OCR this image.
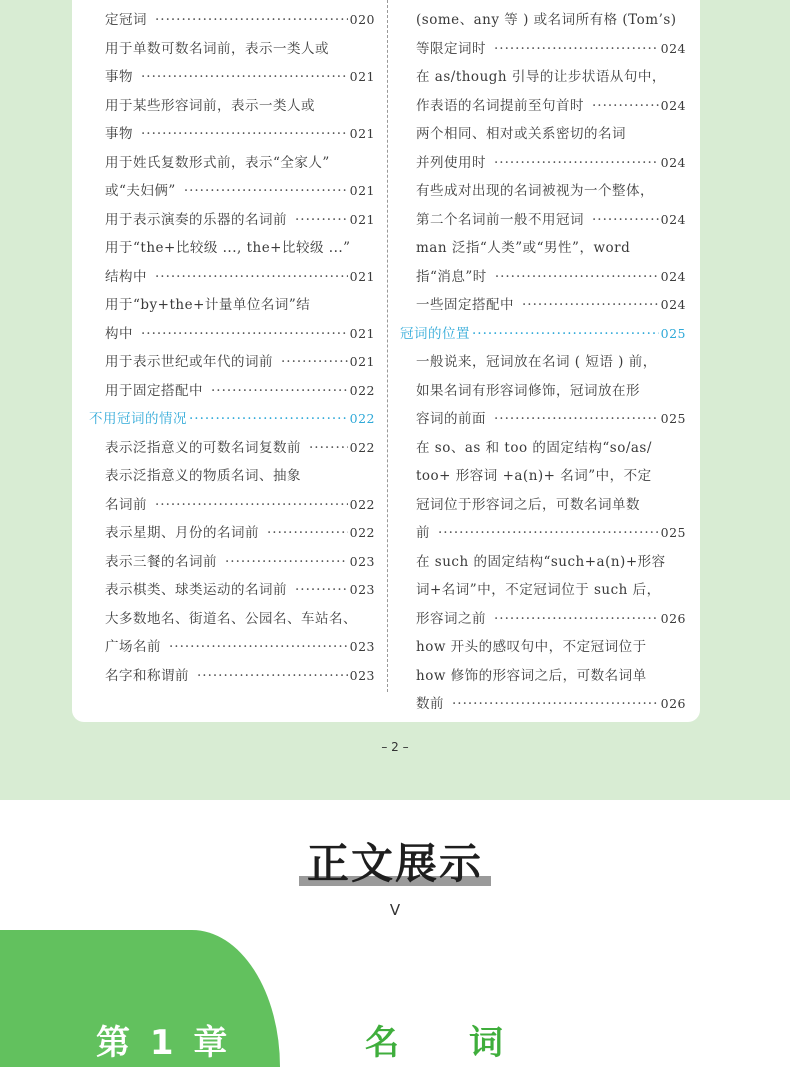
定冠词 ·····	020
用于单数可数名词前，表示一类人或
事物 ·····	021
用于某些形容词前，表示一类人或
事物 ·····	021
用于姓氏复数形式前，表示“全家人”
或“夫妇俩” ·····	021
用于表示演奏的乐器的名词前 ·····	021
用于“the+比较级 ..., the+比较级 ...”
结构中 ·····	021
用于“by+the+计量单位名词”结
构中 ·····	021
用于表示世纪或年代的词前 ·····	021
用于固定搭配中 ·····	022
不用冠词的情况 ·····	022
表示泛指意义的可数名词复数前 ·····	022
表示泛指意义的物质名词、抽象
名词前 ·····	022
表示星期、月份的名词前 ·····	022
表示三餐的名词前 ·····	023
表示棋类、球类运动的名词前 ·····	023
大多数地名、街道名、公园名、车站名、
广场名前 ·····	023
名字和称谓前 ·····	023
(some、any 等 ) 或名词所有格 (Tom’s)
等限定词时 ·····	024
在 as/though 引导的让步状语从句中，
作表语的名词提前至句首时 ·····	024
两个相同、相对或关系密切的名词
并列使用时 ·····	024
有些成对出现的名词被视为一个整体，
第二个名词前一般不用冠词 ·····	024
man 泛指“人类”或“男性”，word
指“消息”时 ·····	024
一些固定搭配中 ·····	024
冠词的位置 ·····	025
一般说来，冠词放在名词 ( 短语 ) 前，
如果名词有形容词修饰，冠词放在形
容词的前面 ·····	025
在 so、as 和 too 的固定结构“so/as/
too+ 形容词 +a(n)+ 名词”中，不定
冠词位于形容词之后，可数名词单数
前 ·····	025
在 such 的固定结构“such+a(n)+形容
词+名词”中，不定冠词位于 such 后，
形容词之前 ·····	026
how 开头的感叹句中，不定冠词位于
how 修饰的形容词之后，可数名词单
数前 ·····	026
– 2 –
正文展示
V
第 1 章	名词
